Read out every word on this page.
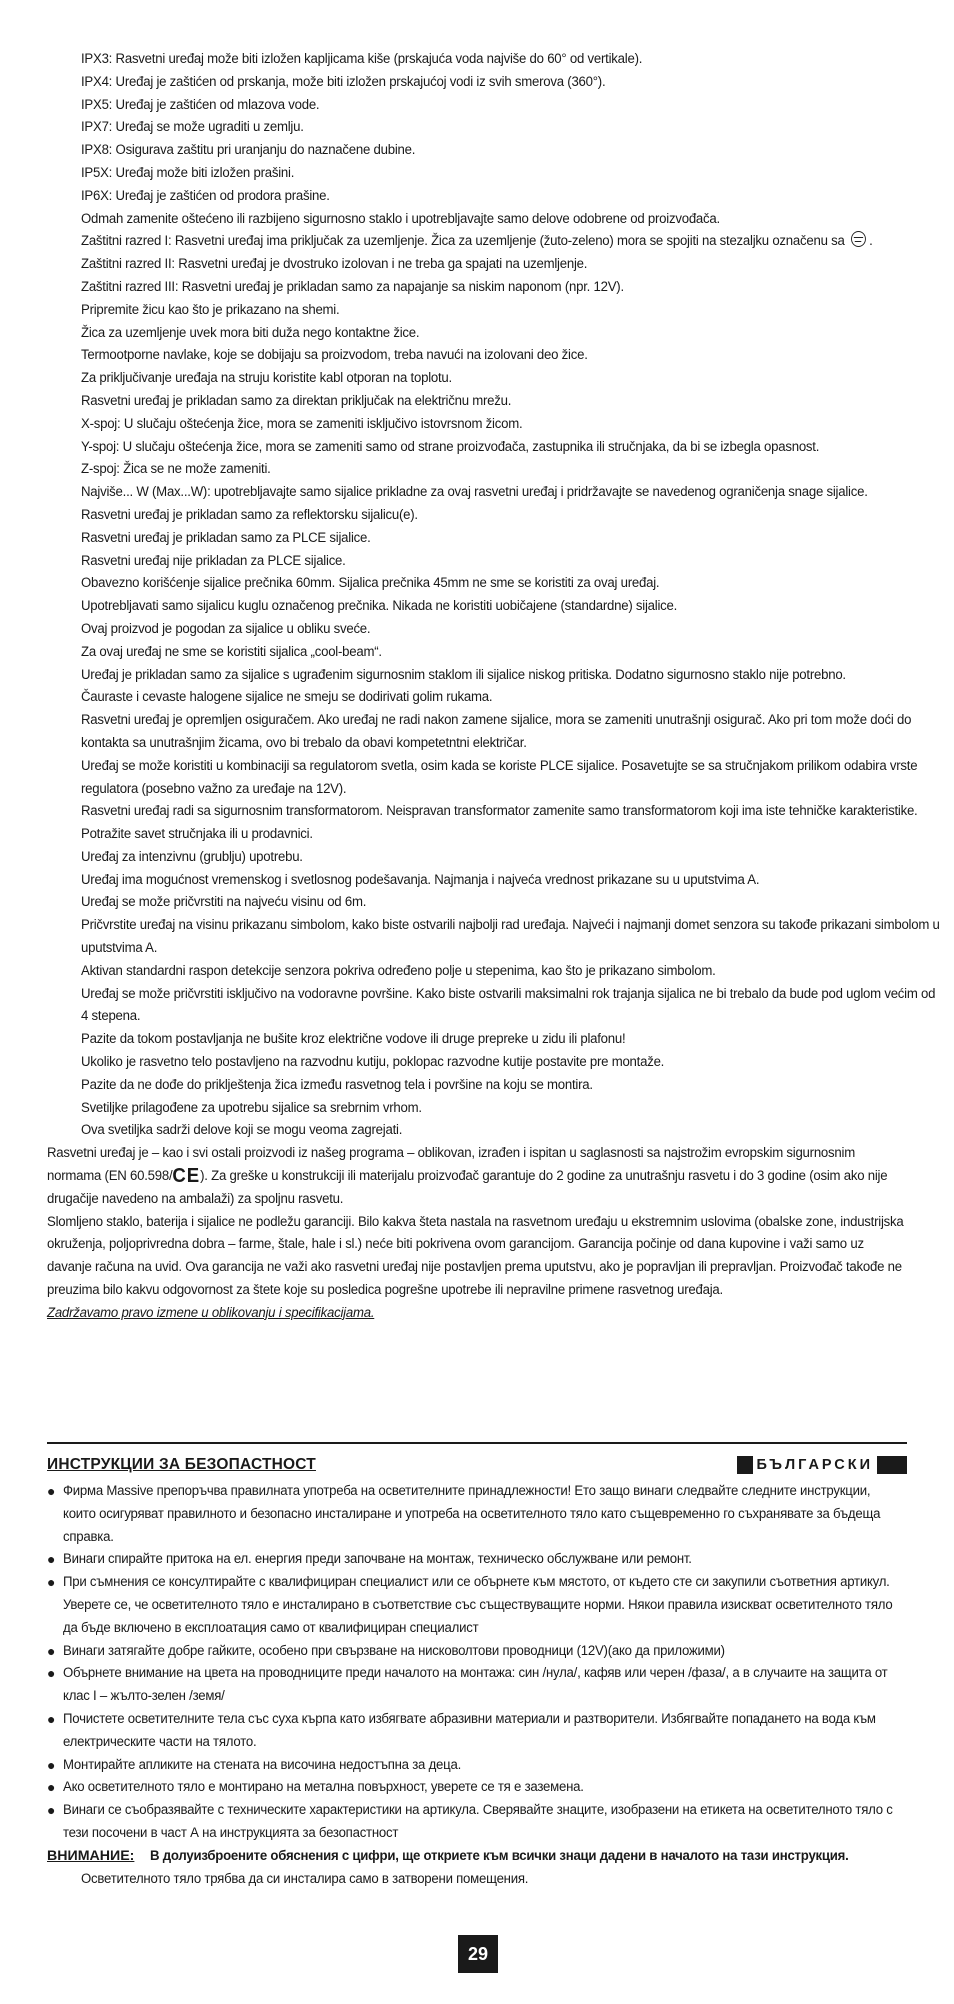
IPX3: Rasvetni uređaj može biti izložen kapljicama kiše (prskajuća voda najviše do 60° od vertikale).

IPX4: Uređaj je zaštićen od prskanja, može biti izložen prskajućoj vodi iz svih smerova (360°).

IPX5: Uređaj je zaštićen od mlazova vode.

IPX7: Uređaj se može ugraditi u zemlju.

IPX8: Osigurava zaštitu pri uranjanju do naznačene dubine.

IP5X: Uređaj može biti izložen prašini.

IP6X: Uređaj je zaštićen od prodora prašine.

Odmah zamenite oštećeno ili razbijeno sigurnosno staklo i upotrebljavajte samo delove odobrene od proizvođača.

Zaštitni razred I: Rasvetni uređaj ima priključak za uzemljenje. Žica za uzemljenje (žuto-zeleno) mora se spojiti na stezaljku označenu sa  .

Zaštitni razred II: Rasvetni uređaj je dvostruko izolovan i ne treba ga spajati na uzemljenje.

Zaštitni razred III: Rasvetni uređaj je prikladan samo za napajanje sa niskim naponom (npr. 12V).

Pripremite žicu kao što je prikazano na shemi.

Žica za uzemljenje uvek mora biti duža nego kontaktne žice.

Termootporne navlake, koje se dobijaju sa proizvodom, treba navući na izolovani deo žice.

Za priključivanje uređaja na struju koristite kabl otporan na toplotu.

Rasvetni uređaj je prikladan samo za direktan priključak na električnu mrežu.

X-spoj: U slučaju oštećenja žice, mora se zameniti isključivo istovrsnom žicom.

Y-spoj: U slučaju oštećenja žice, mora se zameniti samo od strane proizvođača, zastupnika ili stručnjaka, da bi se izbegla opasnost.

Z-spoj: Žica se ne može zameniti.

Najviše... W (Max...W): upotrebljavajte samo sijalice prikladne za ovaj rasvetni uređaj i pridržavajte se navedenog ograničenja snage sijalice.

Rasvetni uređaj je prikladan samo za reflektorsku sijalicu(e).

Rasvetni uređaj je prikladan samo za PLCE sijalice.

Rasvetni uređaj nije prikladan za PLCE sijalice.

Obavezno korišćenje sijalice prečnika 60mm. Sijalica prečnika 45mm ne sme se koristiti za ovaj uređaj.

Upotrebljavati samo sijalicu kuglu označenog prečnika. Nikada ne koristiti uobičajene (standardne) sijalice.

Ovaj proizvod je pogodan za sijalice u obliku sveće.

Za ovaj uređaj ne sme se koristiti sijalica „cool-beam“.

Uređaj je prikladan samo za sijalice s ugrađenim sigurnosnim staklom ili sijalice niskog pritiska. Dodatno sigurnosno staklo nije potrebno.

Čauraste i cevaste halogene sijalice ne smeju se dodirivati golim rukama.

Rasvetni uređaj je opremljen osiguračem. Ako uređaj ne radi nakon zamene sijalice, mora se zameniti unutrašnji osigurač. Ako pri tom može doći do kontakta sa unutrašnjim žicama, ovo bi trebalo da obavi kompetetntni električar.

Uređaj se može koristiti u kombinaciji sa regulatorom svetla, osim kada se koriste PLCE sijalice. Posavetujte se sa stručnjakom prilikom odabira vrste regulatora (posebno važno za uređaje na 12V).

Rasvetni uređaj radi sa sigurnosnim transformatorom. Neispravan transformator zamenite samo transformatorom koji ima iste tehničke karakteristike. Potražite savet stručnjaka ili u prodavnici.

Uređaj za intenzivnu (grublju) upotrebu.

Uređaj ima mogućnost vremenskog i svetlosnog podešavanja. Najmanja i najveća vrednost prikazane su u uputstvima A.

Uređaj se može pričvrstiti na najveću visinu od 6m.

Pričvrstite uređaj na visinu prikazanu simbolom, kako biste ostvarili najbolji rad uređaja. Najveći i najmanji domet senzora su takođe prikazani simbolom u uputstvima A.

Aktivan standardni raspon detekcije senzora pokriva određeno polje u stepenima, kao što je prikazano simbolom.

Uređaj se može pričvrstiti isključivo na vodoravne površine. Kako biste ostvarili maksimalni rok trajanja sijalica ne bi trebalo da bude pod uglom većim od 4 stepena.

Pazite da tokom postavljanja ne bušite kroz električne vodove ili druge prepreke u zidu ili plafonu!

Ukoliko je rasvetno telo postavljeno na razvodnu kutiju, poklopac razvodne kutije postavite pre montaže.

Pazite da ne dođe do priklještenja žica između rasvetnog tela i površine na koju se montira.

Svetiljke prilagođene za upotrebu sijalice sa srebrnim vrhom.

Ova svetiljka sadrži delove koji se mogu veoma zagrejati.

Rasvetni uređaj je – kao i svi ostali proizvodi iz našeg programa – oblikovan, izrađen i ispitan u saglasnosti sa najstrožim evropskim sigurnosnim normama (EN 60.598/CE). Za greške u konstrukciji ili materijalu proizvođač garantuje do 2 godine za unutrašnju rasvetu i do 3 godine (osim ako nije drugačije navedeno na ambalaži) za spoljnu rasvetu.

Slomljeno staklo, baterija i sijalice ne podležu garanciji. Bilo kakva šteta nastala na rasvetnom uređaju u ekstremnim uslovima (obalske zone, industrijska okruženja, poljoprivredna dobra – farme, štale, hale i sl.) neće biti pokrivena ovom garancijom. Garancija počinje od dana kupovine i važi samo uz davanje računa na uvid. Ova garancija ne važi ako rasvetni uređaj nije postavljen prema uputstvu, ako je popravljan ili prepravljan. Proizvođač takođe ne preuzima bilo kakvu odgovornost za štete koje su posledica pogrešne upotrebe ili nepravilne primene rasvetnog uređaja.

Zadržavamo pravo izmene u oblikovanju i specifikacijama.

ИНСТРУКЦИИ ЗА БЕЗОПАСТНОСТ	БЪЛГАРСКИ
● Фирма Massive препоръчва правилната употреба на осветителните принадлежности! Ето защо винаги следвайте следните инструкции, които осигуряват правилното и безопасно инсталиране и употреба на осветителното тяло като същевременно го съхранявате за бъдеща справка.

● Винаги спирайте притока на ел. енергия преди започване на монтаж, техническо обслужване или ремонт.

● При съмнения се консултирайте с квалифициран специалист или се обърнете към мястото, от където сте си закупили съответния артикул. Уверете се, че осветителното тяло е инсталирано в съответствие със съществуващите норми. Някои правила изискват осветителното тяло да бъде включено в експлоатация само от квалифициран специалист

● Винаги затягайте добре гайките, особено при свързване на нисковолтови проводници (12V)(ако да приложими)

● Обърнете внимание на цвета на проводниците преди началото на монтажа: син /нула/, кафяв или черен /фаза/, а в случаите на защита от клас I – жълто-зелен /земя/

● Почистете осветителните тела със суха кърпа като избягвате абразивни материали и разтворители. Избягвайте попадането на вода към електрическите части на тялото.

● Монтирайте апликите на стената на височина недостъпна за деца.

● Ако осветителното тяло е монтирано на метална повърхност, уверете се тя е заземена.

● Винаги се съобразявайте с техническите характеристики на артикула. Сверявайте знаците, изобразени на етикета на осветителното тяло с тези посочени в част А на инструкцията за безопастност

ВНИМАНИЕ: В долуизброените обяснения с цифри, ще откриете към всички знаци дадени в началото на тази инструкция.

Осветителното тяло трябва да си инсталира само в затворени помещения.

29
